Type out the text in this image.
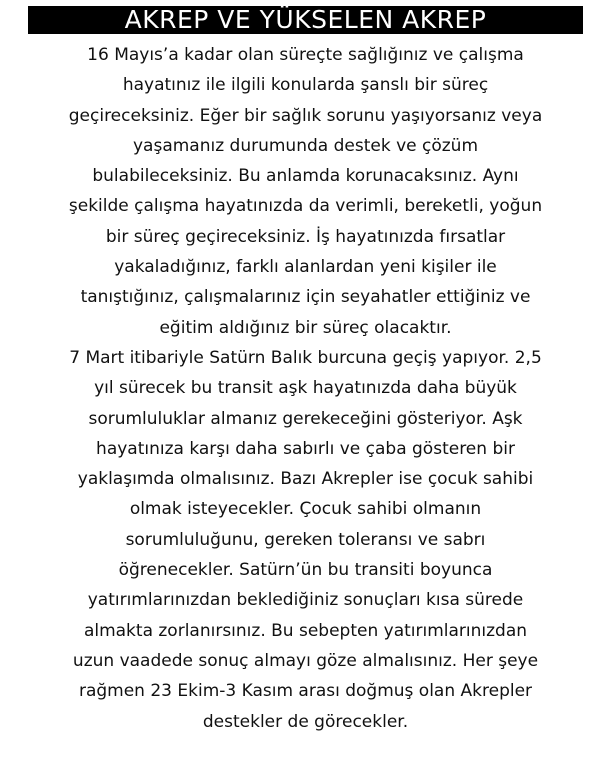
AKREP VE YÜKSELEN AKREP
16 Mayıs’a kadar olan süreçte sağlığınız ve çalışma
hayatınız ile ilgili konularda şanslı bir süreç
geçireceksiniz. Eğer bir sağlık sorunu yaşıyorsanız veya
yaşamanız durumunda destek ve çözüm
bulabileceksiniz. Bu anlamda korunacaksınız. Aynı
şekilde çalışma hayatınızda da verimli, bereketli, yoğun
bir süreç geçireceksiniz. İş hayatınızda fırsatlar
yakaladığınız, farklı alanlardan yeni kişiler ile
tanıştığınız, çalışmalarınız için seyahatler ettiğiniz ve
eğitim aldığınız bir süreç olacaktır.
7 Mart itibariyle Satürn Balık burcuna geçiş yapıyor. 2,5
yıl sürecek bu transit aşk hayatınızda daha büyük
sorumluluklar almanız gerekeceğini gösteriyor. Aşk
hayatınıza karşı daha sabırlı ve çaba gösteren bir
yaklaşımda olmalısınız. Bazı Akrepler ise çocuk sahibi
olmak isteyecekler. Çocuk sahibi olmanın
sorumluluğunu, gereken toleransı ve sabrı
öğrenecekler. Satürn’ün bu transiti boyunca
yatırımlarınızdan beklediğiniz sonuçları kısa sürede
almakta zorlanırsınız. Bu sebepten yatırımlarınızdan
uzun vaadede sonuç almayı göze almalısınız. Her şeye
rağmen 23 Ekim-3 Kasım arası doğmuş olan Akrepler
destekler de görecekler.
